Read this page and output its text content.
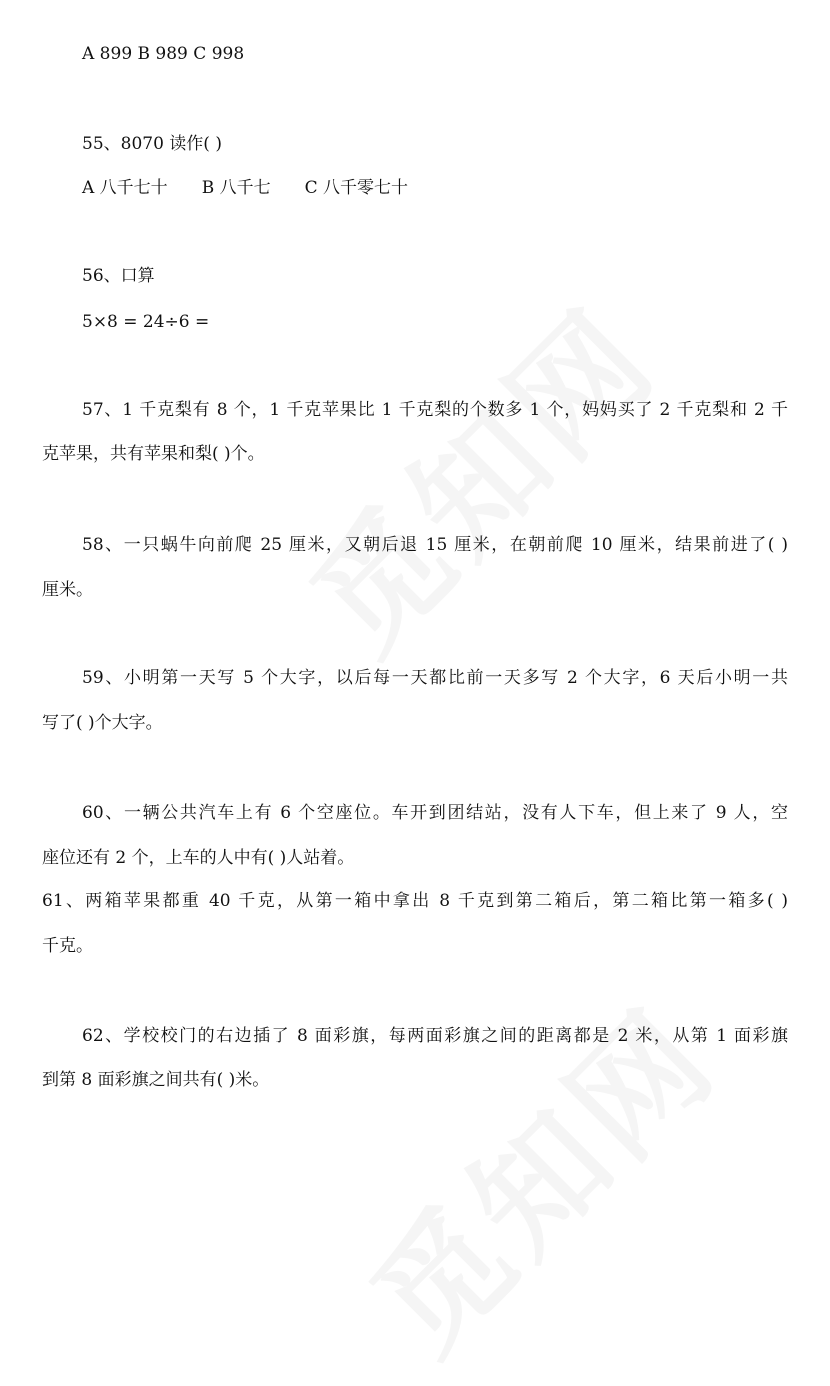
A 899 B 989 C 998
55、8070 读作( )
A 八千七十 B 八千七 C 八千零七十
56、口算
5×8 = 24÷6 =
57、1 千克梨有 8 个，1 千克苹果比 1 千克梨的个数多 1 个，妈妈买了 2 千克梨和 2 千
克苹果，共有苹果和梨( )个。
58、一只蜗牛向前爬 25 厘米，又朝后退 15 厘米，在朝前爬 10 厘米，结果前进了( )
厘米。
59、小明第一天写 5 个大字，以后每一天都比前一天多写 2 个大字，6 天后小明一共
写了( )个大字。
60、一辆公共汽车上有 6 个空座位。车开到团结站，没有人下车，但上来了 9 人，空
座位还有 2 个，上车的人中有( )人站着。
61、两箱苹果都重 40 千克，从第一箱中拿出 8 千克到第二箱后，第二箱比第一箱多( )
千克。
62、学校校门的右边插了 8 面彩旗，每两面彩旗之间的距离都是 2 米，从第 1 面彩旗
到第 8 面彩旗之间共有( )米。
